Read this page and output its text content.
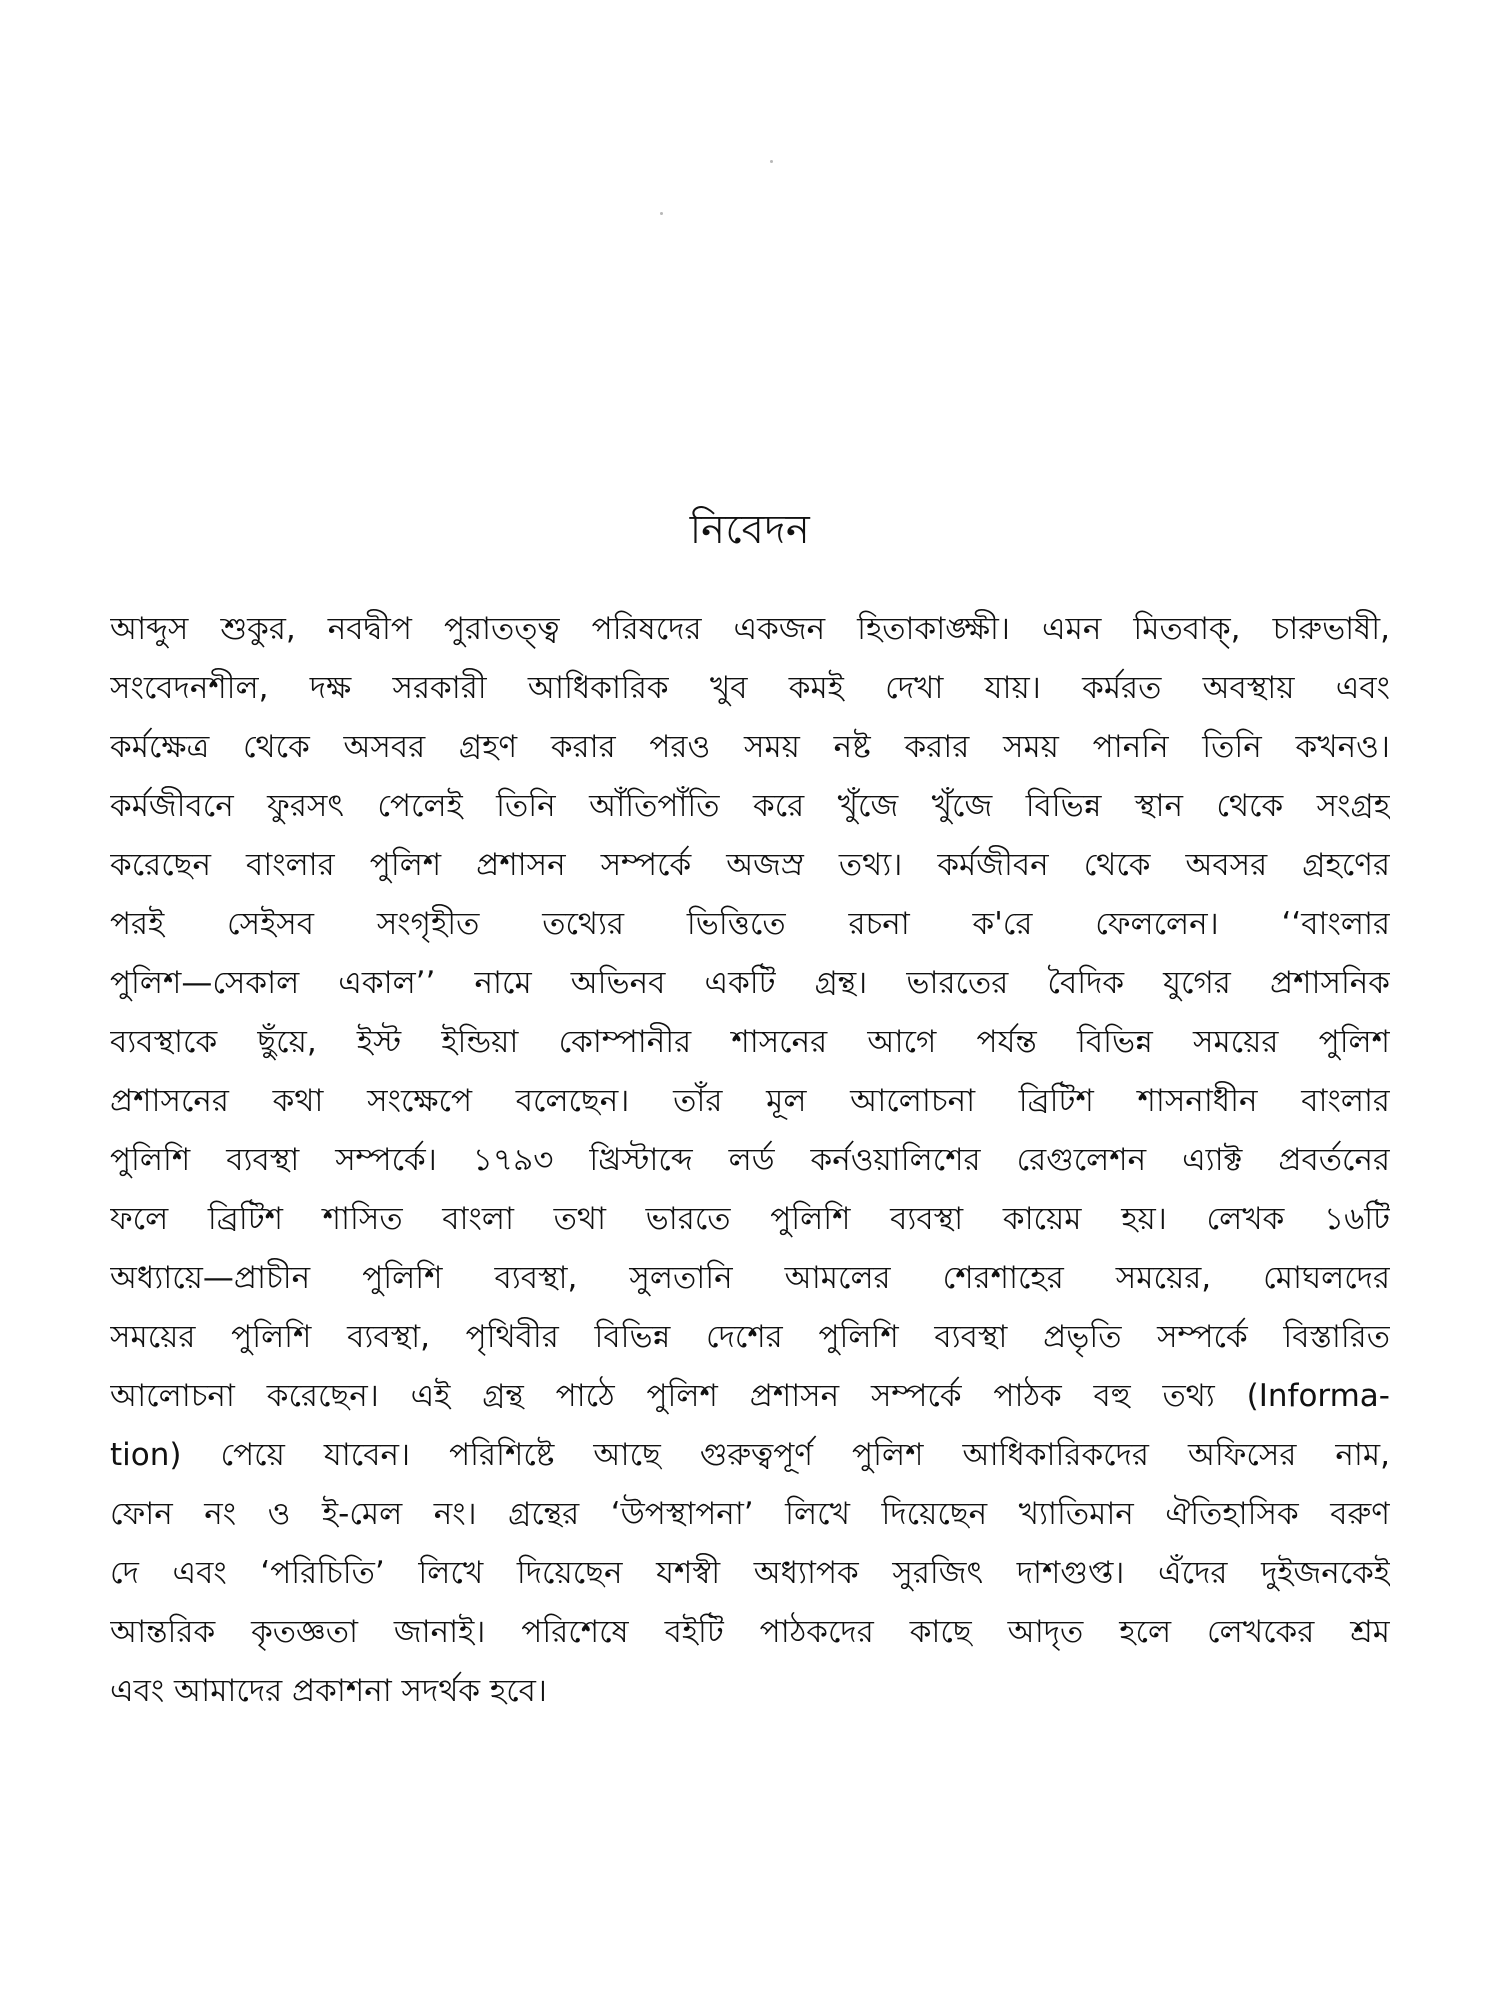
নিবেদন
আব্দুস শুকুর, নবদ্বীপ পুরাতত্ত্ব পরিষদের একজন হিতাকাঙ্ক্ষী। এমন মিতবাক্‌, চারুভাষী,
সংবেদনশীল, দক্ষ সরকারী আধিকারিক খুব কমই দেখা যায়। কর্মরত অবস্থায় এবং
কর্মক্ষেত্র থেকে অসবর গ্রহণ করার পরও সময় নষ্ট করার সময় পাননি তিনি কখনও।
কর্মজীবনে ফুরসৎ পেলেই তিনি আঁতিপাঁতি করে খুঁজে খুঁজে বিভিন্ন স্থান থেকে সংগ্রহ
করেছেন বাংলার পুলিশ প্রশাসন সম্পর্কে অজস্র তথ্য। কর্মজীবন থেকে অবসর গ্রহণের
পরই সেইসব সংগৃহীত তথ্যের ভিত্তিতে রচনা ক'রে ফেললেন। ‘‘বাংলার
পুলিশ—সেকাল একাল’’ নামে অভিনব একটি গ্রন্থ। ভারতের বৈদিক যুগের প্রশাসনিক
ব্যবস্থাকে ছুঁয়ে, ইস্ট ইন্ডিয়া কোম্পানীর শাসনের আগে পর্যন্ত বিভিন্ন সময়ের পুলিশ
প্রশাসনের কথা সংক্ষেপে বলেছেন। তাঁর মূল আলোচনা ব্রিটিশ শাসনাধীন বাংলার
পুলিশি ব্যবস্থা সম্পর্কে। ১৭৯৩ খ্রিস্টাব্দে লর্ড কর্নওয়ালিশের রেগুলেশন এ্যাক্ট প্রবর্তনের
ফলে ব্রিটিশ শাসিত বাংলা তথা ভারতে পুলিশি ব্যবস্থা কায়েম হয়। লেখক ১৬টি
অধ্যায়ে—প্রাচীন পুলিশি ব্যবস্থা, সুলতানি আমলের শেরশাহের সময়ের, মোঘলদের
সময়ের পুলিশি ব্যবস্থা, পৃথিবীর বিভিন্ন দেশের পুলিশি ব্যবস্থা প্রভৃতি সম্পর্কে বিস্তারিত
আলোচনা করেছেন। এই গ্রন্থ পাঠে পুলিশ প্রশাসন সম্পর্কে পাঠক বহু তথ্য (Informa-
tion) পেয়ে যাবেন। পরিশিষ্টে আছে গুরুত্বপূর্ণ পুলিশ আধিকারিকদের অফিসের নাম,
ফোন নং ও ই-মেল নং। গ্রন্থের ‘উপস্থাপনা’ লিখে দিয়েছেন খ্যাতিমান ঐতিহাসিক বরুণ
দে এবং ‘পরিচিতি’ লিখে দিয়েছেন যশস্বী অধ্যাপক সুরজিৎ দাশগুপ্ত। এঁদের দুইজনকেই
আন্তরিক কৃতজ্ঞতা জানাই। পরিশেষে বইটি পাঠকদের কাছে আদৃত হলে লেখকের শ্রম
এবং আমাদের প্রকাশনা সদর্থক হবে।
